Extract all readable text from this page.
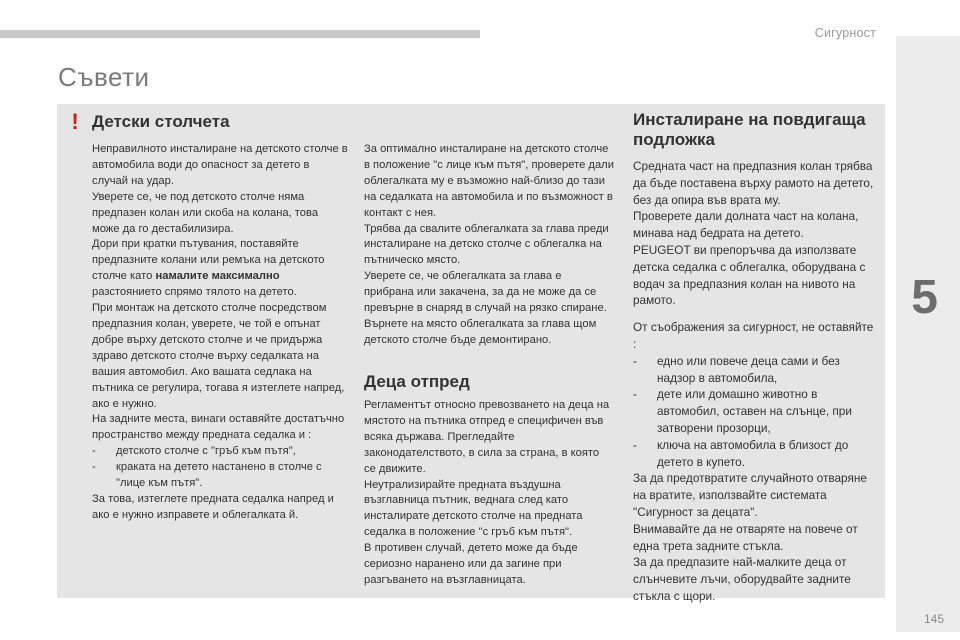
Сигурност
5
Съвети
! Детски столчета

Неправилното инсталиране на детското столче в автомобила води до опасност за детето в случай на удар.

Уверете се, че под детското столче няма предпазен колан или скоба на колана, това може да го дестабилизира.

Дори при кратки пътувания, поставяйте предпазните колани или ремъка на детското столче като намалите максимално разстоянието спрямо тялото на детето.

При монтаж на детското столче посредством предпазния колан, уверете, че той е опънат добре върху детското столче и че придържа здраво детското столче върху седалката на вашия автомобил. Ако вашата седлака на пътника се регулира, тогава я изтеглете напред, ако е нужно.

На задните места, винаги оставяйте достатъчно пространство между предната седалка и :

-	детското столче с "гръб към пътя",
-	краката на детето настанено в столче с "лице към пътя".

За това, изтеглете предната седалка напред и ако е нужно изправете и облегалката й.

За оптимално инсталиране на детското столче в положение "с лице към пътя", проверете дали облегалката му е възможно най-близо до тази на седалката на автомобила и по възможност в контакт с нея.

Трябва да свалите облегалката за глава преди инсталиране на детско столче с облегалка на пътническо място.

Уверете се, че облегалката за глава е прибрана или закачена, за да не може да се превърне в снаряд в случай на рязко спиране.

Върнете на място облегалката за глава щом детското столче бъде демонтирано.

Деца отпред

Регламентът относно превозването на деца на мястото на пътника отпред е специфичен във всяка държава. Прегледайте законодателството, в сила за страна, в която се движите.

Неутрализирайте предната въздушна възглавница пътник, веднага след като инсталирате детското столче на предната седалка в положение "с гръб към пътя".

В противен случай, детето може да бъде сериозно наранено или да загине при разгъването на възглавницата.

Инсталиране на повдигаща подложка

Средната част на предпазния колан трябва да бъде поставена върху рамото на детето, без да опира във врата му.

Проверете дали долната част на колана, минава над бедрата на детето.

PEUGEOT ви препоръчва да използвате детска седалка с облегалка, оборудвана с водач за предпазния колан на нивото на рамото.

От съображения за сигурност, не оставяйте :

-	едно или повече деца сами и без надзор в автомобила,
-	дете или домашно животно в автомобил, оставен на слънце, при затворени прозорци,
-	ключа на автомобила в близост до детето в купето.

За да предотвратите случайното отваряне на вратите, използвайте системата "Сигурност за децата".

Внимавайте да не отваряте на повече от една трета задните стъкла.

За да предпазите най-малките деца от слънчевите лъчи, оборудвайте задните стъкла с щори.

145
